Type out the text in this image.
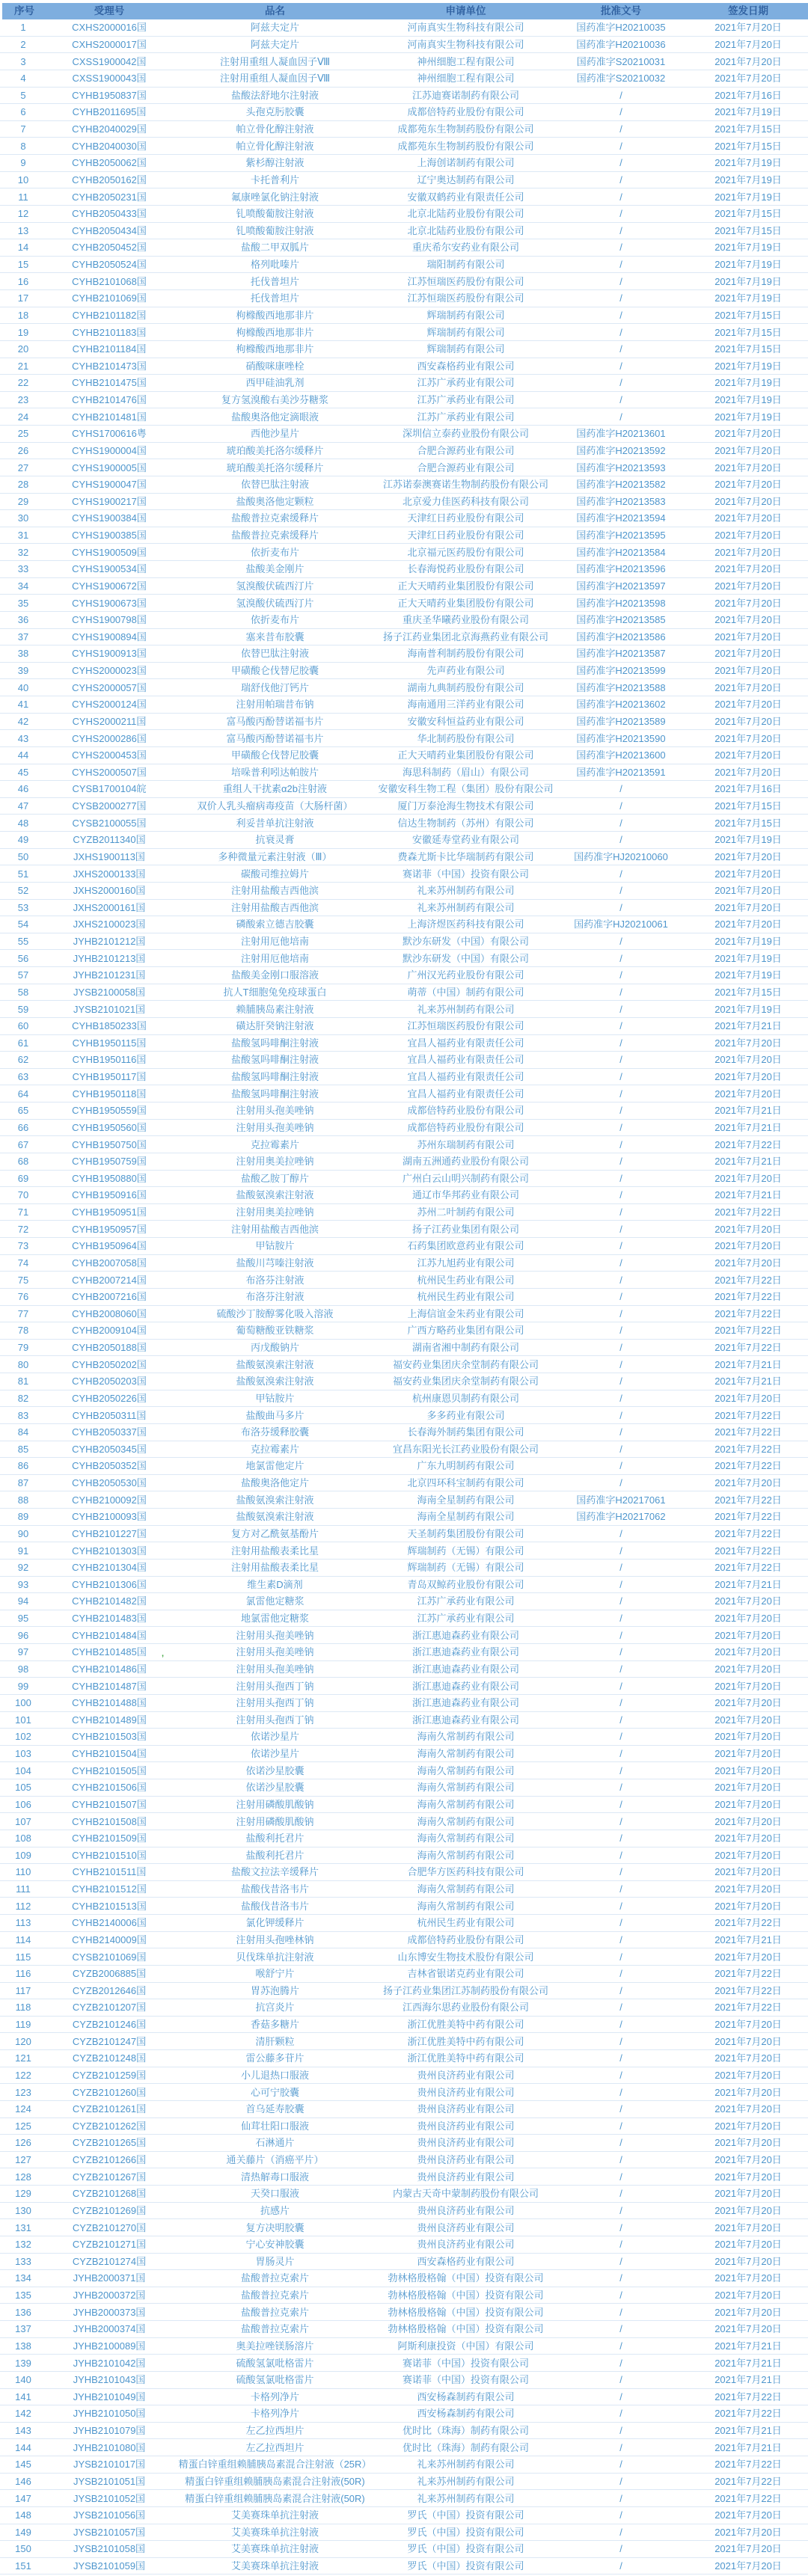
序号	受理号	品名	申请单位	批准文号	签发日期
1	CXHS2000016国	阿兹夫定片	河南真实生物科技有限公司	国药准字H20210035	2021年7月20日
2	CXHS2000017国	阿兹夫定片	河南真实生物科技有限公司	国药准字H20210036	2021年7月20日
3	CXSS1900042国	注射用重组人凝血因子Ⅷ	神州细胞工程有限公司	国药准字S20210031	2021年7月20日
4	CXSS1900043国	注射用重组人凝血因子Ⅷ	神州细胞工程有限公司	国药准字S20210032	2021年7月20日
5	CYHB1950837国	盐酸法舒地尔注射液	江苏迪赛诺制药有限公司	/	2021年7月16日
6	CYHB2011695国	头孢克肟胶囊	成都倍特药业股份有限公司	/	2021年7月19日
7	CYHB2040029国	帕立骨化醇注射液	成都苑东生物制药股份有限公司	/	2021年7月15日
8	CYHB2040030国	帕立骨化醇注射液	成都苑东生物制药股份有限公司	/	2021年7月15日
9	CYHB2050062国	紫杉醇注射液	上海创诺制药有限公司	/	2021年7月19日
10	CYHB2050162国	卡托普利片	辽宁奥达制药有限公司	/	2021年7月19日
11	CYHB2050231国	氟康唑氯化钠注射液	安徽双鹤药业有限责任公司	/	2021年7月19日
12	CYHB2050433国	钆喷酸葡胺注射液	北京北陆药业股份有限公司	/	2021年7月15日
13	CYHB2050434国	钆喷酸葡胺注射液	北京北陆药业股份有限公司	/	2021年7月15日
14	CYHB2050452国	盐酸二甲双胍片	重庆希尔安药业有限公司	/	2021年7月19日
15	CYHB2050524国	格列吡嗪片	瑞阳制药有限公司	/	2021年7月19日
16	CYHB2101068国	托伐普坦片	江苏恒瑞医药股份有限公司	/	2021年7月19日
17	CYHB2101069国	托伐普坦片	江苏恒瑞医药股份有限公司	/	2021年7月19日
18	CYHB2101182国	枸橼酸西地那非片	辉瑞制药有限公司	/	2021年7月15日
19	CYHB2101183国	枸橼酸西地那非片	辉瑞制药有限公司	/	2021年7月15日
20	CYHB2101184国	枸橼酸西地那非片	辉瑞制药有限公司	/	2021年7月15日
21	CYHB2101473国	硝酸咪康唑栓	西安森格药业有限公司	/	2021年7月19日
22	CYHB2101475国	西甲硅油乳剂	江苏广承药业有限公司	/	2021年7月19日
23	CYHB2101476国	复方氢溴酸右美沙芬糖浆	江苏广承药业有限公司	/	2021年7月19日
24	CYHB2101481国	盐酸奥洛他定滴眼液	江苏广承药业有限公司	/	2021年7月19日
25	CYHS1700616粤	西他沙星片	深圳信立泰药业股份有限公司	国药准字H20213601	2021年7月20日
26	CYHS1900004国	琥珀酸美托洛尔缓释片	合肥合源药业有限公司	国药准字H20213592	2021年7月20日
27	CYHS1900005国	琥珀酸美托洛尔缓释片	合肥合源药业有限公司	国药准字H20213593	2021年7月20日
28	CYHS1900047国	依替巴肽注射液	江苏诺泰澳赛诺生物制药股份有限公司	国药准字H20213582	2021年7月20日
29	CYHS1900217国	盐酸奥洛他定颗粒	北京爱力佳医药科技有限公司	国药准字H20213583	2021年7月20日
30	CYHS1900384国	盐酸普拉克索缓释片	天津红日药业股份有限公司	国药准字H20213594	2021年7月20日
31	CYHS1900385国	盐酸普拉克索缓释片	天津红日药业股份有限公司	国药准字H20213595	2021年7月20日
32	CYHS1900509国	依折麦布片	北京福元医药股份有限公司	国药准字H20213584	2021年7月20日
33	CYHS1900534国	盐酸美金刚片	长春海悦药业股份有限公司	国药准字H20213596	2021年7月20日
34	CYHS1900672国	氢溴酸伏硫西汀片	正大天晴药业集团股份有限公司	国药准字H20213597	2021年7月20日
35	CYHS1900673国	氢溴酸伏硫西汀片	正大天晴药业集团股份有限公司	国药准字H20213598	2021年7月20日
36	CYHS1900798国	依折麦布片	重庆圣华曦药业股份有限公司	国药准字H20213585	2021年7月20日
37	CYHS1900894国	塞来昔布胶囊	扬子江药业集团北京海燕药业有限公司	国药准字H20213586	2021年7月20日
38	CYHS1900913国	依替巴肽注射液	海南普利制药股份有限公司	国药准字H20213587	2021年7月20日
39	CYHS2000023国	甲磺酸仑伐替尼胶囊	先声药业有限公司	国药准字H20213599	2021年7月20日
40	CYHS2000057国	瑞舒伐他汀钙片	湖南九典制药股份有限公司	国药准字H20213588	2021年7月20日
41	CYHS2000124国	注射用帕瑞昔布钠	海南通用三洋药业有限公司	国药准字H20213602	2021年7月20日
42	CYHS2000211国	富马酸丙酚替诺福韦片	安徽安科恒益药业有限公司	国药准字H20213589	2021年7月20日
43	CYHS2000286国	富马酸丙酚替诺福韦片	华北制药股份有限公司	国药准字H20213590	2021年7月20日
44	CYHS2000453国	甲磺酸仑伐替尼胶囊	正大天晴药业集团股份有限公司	国药准字H20213600	2021年7月20日
45	CYHS2000507国	培哚普利吲达帕胺片	海思科制药（眉山）有限公司	国药准字H20213591	2021年7月20日
46	CYSB1700104皖	重组人干扰素α2b注射液	安徽安科生物工程（集团）股份有限公司	/	2021年7月16日
47	CYSB2000277国	双价人乳头瘤病毒疫苗（大肠杆菌）	厦门万泰沧海生物技术有限公司	/	2021年7月15日
48	CYSB2100055国	利妥昔单抗注射液	信达生物制药（苏州）有限公司	/	2021年7月15日
49	CYZB2011340国	抗衰灵膏	安徽延寿堂药业有限公司	/	2021年7月19日
50	JXHS1900113国	多种微量元素注射液（Ⅲ）	费森尤斯卡比华瑞制药有限公司	国药准字HJ20210060	2021年7月20日
51	JXHS2000133国	碳酸司维拉姆片	赛诺菲（中国）投资有限公司	/	2021年7月20日
52	JXHS2000160国	注射用盐酸吉西他滨	礼来苏州制药有限公司	/	2021年7月20日
53	JXHS2000161国	注射用盐酸吉西他滨	礼来苏州制药有限公司	/	2021年7月20日
54	JXHS2100023国	磷酸索立德吉胶囊	上海济煜医药科技有限公司	国药准字HJ20210061	2021年7月20日
55	JYHB2101212国	注射用厄他培南	默沙东研发（中国）有限公司	/	2021年7月19日
56	JYHB2101213国	注射用厄他培南	默沙东研发（中国）有限公司	/	2021年7月19日
57	JYHB2101231国	盐酸美金刚口服溶液	广州汉光药业股份有限公司	/	2021年7月19日
58	JYSB2100058国	抗人T细胞兔免疫球蛋白	萌蒂（中国）制药有限公司	/	2021年7月15日
59	JYSB2101021国	赖脯胰岛素注射液	礼来苏州制药有限公司	/	2021年7月19日
60	CYHB1850233国	磺达肝癸钠注射液	江苏恒瑞医药股份有限公司	/	2021年7月21日
61	CYHB1950115国	盐酸氢吗啡酮注射液	宜昌人福药业有限责任公司	/	2021年7月20日
62	CYHB1950116国	盐酸氢吗啡酮注射液	宜昌人福药业有限责任公司	/	2021年7月20日
63	CYHB1950117国	盐酸氢吗啡酮注射液	宜昌人福药业有限责任公司	/	2021年7月20日
64	CYHB1950118国	盐酸氢吗啡酮注射液	宜昌人福药业有限责任公司	/	2021年7月20日
65	CYHB1950559国	注射用头孢美唑钠	成都倍特药业股份有限公司	/	2021年7月21日
66	CYHB1950560国	注射用头孢美唑钠	成都倍特药业股份有限公司	/	2021年7月21日
67	CYHB1950750国	克拉霉素片	苏州东瑞制药有限公司	/	2021年7月22日
68	CYHB1950759国	注射用奥美拉唑钠	湖南五洲通药业股份有限公司	/	2021年7月21日
69	CYHB1950880国	盐酸乙胺丁醇片	广州白云山明兴制药有限公司	/	2021年7月20日
70	CYHB1950916国	盐酸氨溴索注射液	通辽市华邦药业有限公司	/	2021年7月21日
71	CYHB1950951国	注射用奥美拉唑钠	苏州二叶制药有限公司	/	2021年7月22日
72	CYHB1950957国	注射用盐酸吉西他滨	扬子江药业集团有限公司	/	2021年7月20日
73	CYHB1950964国	甲钴胺片	石药集团欧意药业有限公司	/	2021年7月20日
74	CYHB2007058国	盐酸川芎嗪注射液	江苏九旭药业有限公司	/	2021年7月20日
75	CYHB2007214国	布洛芬注射液	杭州民生药业有限公司	/	2021年7月22日
76	CYHB2007216国	布洛芬注射液	杭州民生药业有限公司	/	2021年7月22日
77	CYHB2008060国	硫酸沙丁胺醇雾化吸入溶液	上海信谊金朱药业有限公司	/	2021年7月22日
78	CYHB2009104国	葡萄糖酸亚铁糖浆	广西方略药业集团有限公司	/	2021年7月22日
79	CYHB2050188国	丙戊酸钠片	湖南省湘中制药有限公司	/	2021年7月22日
80	CYHB2050202国	盐酸氨溴索注射液	福安药业集团庆余堂制药有限公司	/	2021年7月21日
81	CYHB2050203国	盐酸氨溴索注射液	福安药业集团庆余堂制药有限公司	/	2021年7月21日
82	CYHB2050226国	甲钴胺片	杭州康恩贝制药有限公司	/	2021年7月20日
83	CYHB2050311国	盐酸曲马多片	多多药业有限公司	/	2021年7月22日
84	CYHB2050337国	布洛芬缓释胶囊	长春海外制药集团有限公司	/	2021年7月22日
85	CYHB2050345国	克拉霉素片	宜昌东阳光长江药业股份有限公司	/	2021年7月22日
86	CYHB2050352国	地氯雷他定片	广东九明制药有限公司	/	2021年7月22日
87	CYHB2050530国	盐酸奥洛他定片	北京四环科宝制药有限公司	/	2021年7月20日
88	CYHB2100092国	盐酸氨溴索注射液	海南全星制药有限公司	国药准字H20217061	2021年7月22日
89	CYHB2100093国	盐酸氨溴索注射液	海南全星制药有限公司	国药准字H20217062	2021年7月22日
90	CYHB2101227国	复方对乙酰氨基酚片	天圣制药集团股份有限公司	/	2021年7月22日
91	CYHB2101303国	注射用盐酸表柔比星	辉瑞制药（无锡）有限公司	/	2021年7月22日
92	CYHB2101304国	注射用盐酸表柔比星	辉瑞制药（无锡）有限公司	/	2021年7月22日
93	CYHB2101306国	维生素D滴剂	青岛双鲸药业股份有限公司	/	2021年7月21日
94	CYHB2101482国	氯雷他定糖浆	江苏广承药业有限公司	/	2021年7月20日
95	CYHB2101483国	地氯雷他定糖浆	江苏广承药业有限公司	/	2021年7月20日
96	CYHB2101484国	注射用头孢美唑钠	浙江惠迪森药业有限公司	/	2021年7月20日
97	CYHB2101485国	注射用头孢美唑钠	浙江惠迪森药业有限公司	/	2021年7月20日
98	CYHB2101486国	注射用头孢美唑钠	浙江惠迪森药业有限公司	/	2021年7月20日
99	CYHB2101487国	注射用头孢西丁钠	浙江惠迪森药业有限公司	/	2021年7月20日
100	CYHB2101488国	注射用头孢西丁钠	浙江惠迪森药业有限公司	/	2021年7月20日
101	CYHB2101489国	注射用头孢西丁钠	浙江惠迪森药业有限公司	/	2021年7月20日
102	CYHB2101503国	依诺沙星片	海南久常制药有限公司	/	2021年7月20日
103	CYHB2101504国	依诺沙星片	海南久常制药有限公司	/	2021年7月20日
104	CYHB2101505国	依诺沙星胶囊	海南久常制药有限公司	/	2021年7月20日
105	CYHB2101506国	依诺沙星胶囊	海南久常制药有限公司	/	2021年7月20日
106	CYHB2101507国	注射用磷酸肌酸钠	海南久常制药有限公司	/	2021年7月20日
107	CYHB2101508国	注射用磷酸肌酸钠	海南久常制药有限公司	/	2021年7月20日
108	CYHB2101509国	盐酸利托君片	海南久常制药有限公司	/	2021年7月20日
109	CYHB2101510国	盐酸利托君片	海南久常制药有限公司	/	2021年7月20日
110	CYHB2101511国	盐酸文拉法辛缓释片	合肥华方医药科技有限公司	/	2021年7月20日
111	CYHB2101512国	盐酸伐昔洛韦片	海南久常制药有限公司	/	2021年7月20日
112	CYHB2101513国	盐酸伐昔洛韦片	海南久常制药有限公司	/	2021年7月20日
113	CYHB2140006国	氯化钾缓释片	杭州民生药业有限公司	/	2021年7月22日
114	CYHB2140009国	注射用头孢唑林钠	成都倍特药业股份有限公司	/	2021年7月21日
115	CYSB2101069国	贝伐珠单抗注射液	山东博安生物技术股份有限公司	/	2021年7月20日
116	CYZB2006885国	喉舒宁片	吉林省银诺克药业有限公司	/	2021年7月22日
117	CYZB2012646国	胃苏泡腾片	扬子江药业集团江苏制药股份有限公司	/	2021年7月22日
118	CYZB2101207国	抗宫炎片	江西海尔思药业股份有限公司	/	2021年7月22日
119	CYZB2101246国	香菇多糖片	浙江优胜美特中药有限公司	/	2021年7月20日
120	CYZB2101247国	清肝颗粒	浙江优胜美特中药有限公司	/	2021年7月20日
121	CYZB2101248国	雷公藤多苷片	浙江优胜美特中药有限公司	/	2021年7月20日
122	CYZB2101259国	小儿退热口服液	贵州良济药业有限公司	/	2021年7月20日
123	CYZB2101260国	心可宁胶囊	贵州良济药业有限公司	/	2021年7月20日
124	CYZB2101261国	首乌延寿胶囊	贵州良济药业有限公司	/	2021年7月20日
125	CYZB2101262国	仙茸壮阳口服液	贵州良济药业有限公司	/	2021年7月20日
126	CYZB2101265国	石淋通片	贵州良济药业有限公司	/	2021年7月20日
127	CYZB2101266国	通关藤片（消癌平片）	贵州良济药业有限公司	/	2021年7月20日
128	CYZB2101267国	清热解毒口服液	贵州良济药业有限公司	/	2021年7月20日
129	CYZB2101268国	天癸口服液	内蒙古天奇中蒙制药股份有限公司	/	2021年7月20日
130	CYZB2101269国	抗感片	贵州良济药业有限公司	/	2021年7月20日
131	CYZB2101270国	复方决明胶囊	贵州良济药业有限公司	/	2021年7月20日
132	CYZB2101271国	宁心安神胶囊	贵州良济药业有限公司	/	2021年7月20日
133	CYZB2101274国	胃肠灵片	西安森格药业有限公司	/	2021年7月20日
134	JYHB2000371国	盐酸普拉克索片	勃林格殷格翰（中国）投资有限公司	/	2021年7月20日
135	JYHB2000372国	盐酸普拉克索片	勃林格殷格翰（中国）投资有限公司	/	2021年7月20日
136	JYHB2000373国	盐酸普拉克索片	勃林格殷格翰（中国）投资有限公司	/	2021年7月20日
137	JYHB2000374国	盐酸普拉克索片	勃林格殷格翰（中国）投资有限公司	/	2021年7月20日
138	JYHB2100089国	奥美拉唑镁肠溶片	阿斯利康投资（中国）有限公司	/	2021年7月21日
139	JYHB2101042国	硫酸氢氯吡格雷片	赛诺菲（中国）投资有限公司	/	2021年7月21日
140	JYHB2101043国	硫酸氢氯吡格雷片	赛诺菲（中国）投资有限公司	/	2021年7月21日
141	JYHB2101049国	卡格列净片	西安杨森制药有限公司	/	2021年7月22日
142	JYHB2101050国	卡格列净片	西安杨森制药有限公司	/	2021年7月22日
143	JYHB2101079国	左乙拉西坦片	优时比（珠海）制药有限公司	/	2021年7月21日
144	JYHB2101080国	左乙拉西坦片	优时比（珠海）制药有限公司	/	2021年7月21日
145	JYSB2101017国	精蛋白锌重组赖脯胰岛素混合注射液（25R）	礼来苏州制药有限公司	/	2021年7月22日
146	JYSB2101051国	精蛋白锌重组赖脯胰岛素混合注射液(50R)	礼来苏州制药有限公司	/	2021年7月22日
147	JYSB2101052国	精蛋白锌重组赖脯胰岛素混合注射液(50R)	礼来苏州制药有限公司	/	2021年7月22日
148	JYSB2101056国	艾美赛珠单抗注射液	罗氏（中国）投资有限公司	/	2021年7月20日
149	JYSB2101057国	艾美赛珠单抗注射液	罗氏（中国）投资有限公司	/	2021年7月20日
150	JYSB2101058国	艾美赛珠单抗注射液	罗氏（中国）投资有限公司	/	2021年7月20日
151	JYSB2101059国	艾美赛珠单抗注射液	罗氏（中国）投资有限公司	/	2021年7月20日
’
